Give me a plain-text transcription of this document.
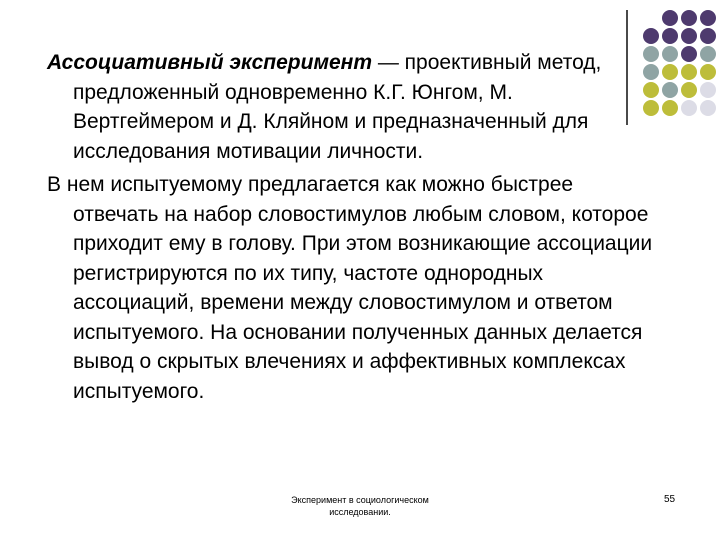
Ассоциативный эксперимент — проективный метод, предложенный одновременно К.Г. Юнгом, М. Вертгеймером и Д. Кляйном и предназначенный для исследования мотивации личности.

В нем испытуемому предлагается как можно быстрее отвечать на набор словостимулов любым словом, которое приходит ему в голову. При этом возникающие ассоциации регистрируются по их типу, частоте однородных ассоциаций, времени между словостимулом и ответом испытуемого. На основании полученных данных делается вывод о скрытых влечениях и аффективных комплексах испытуемого.

Эксперимент в социологическом
исследовании.
55
